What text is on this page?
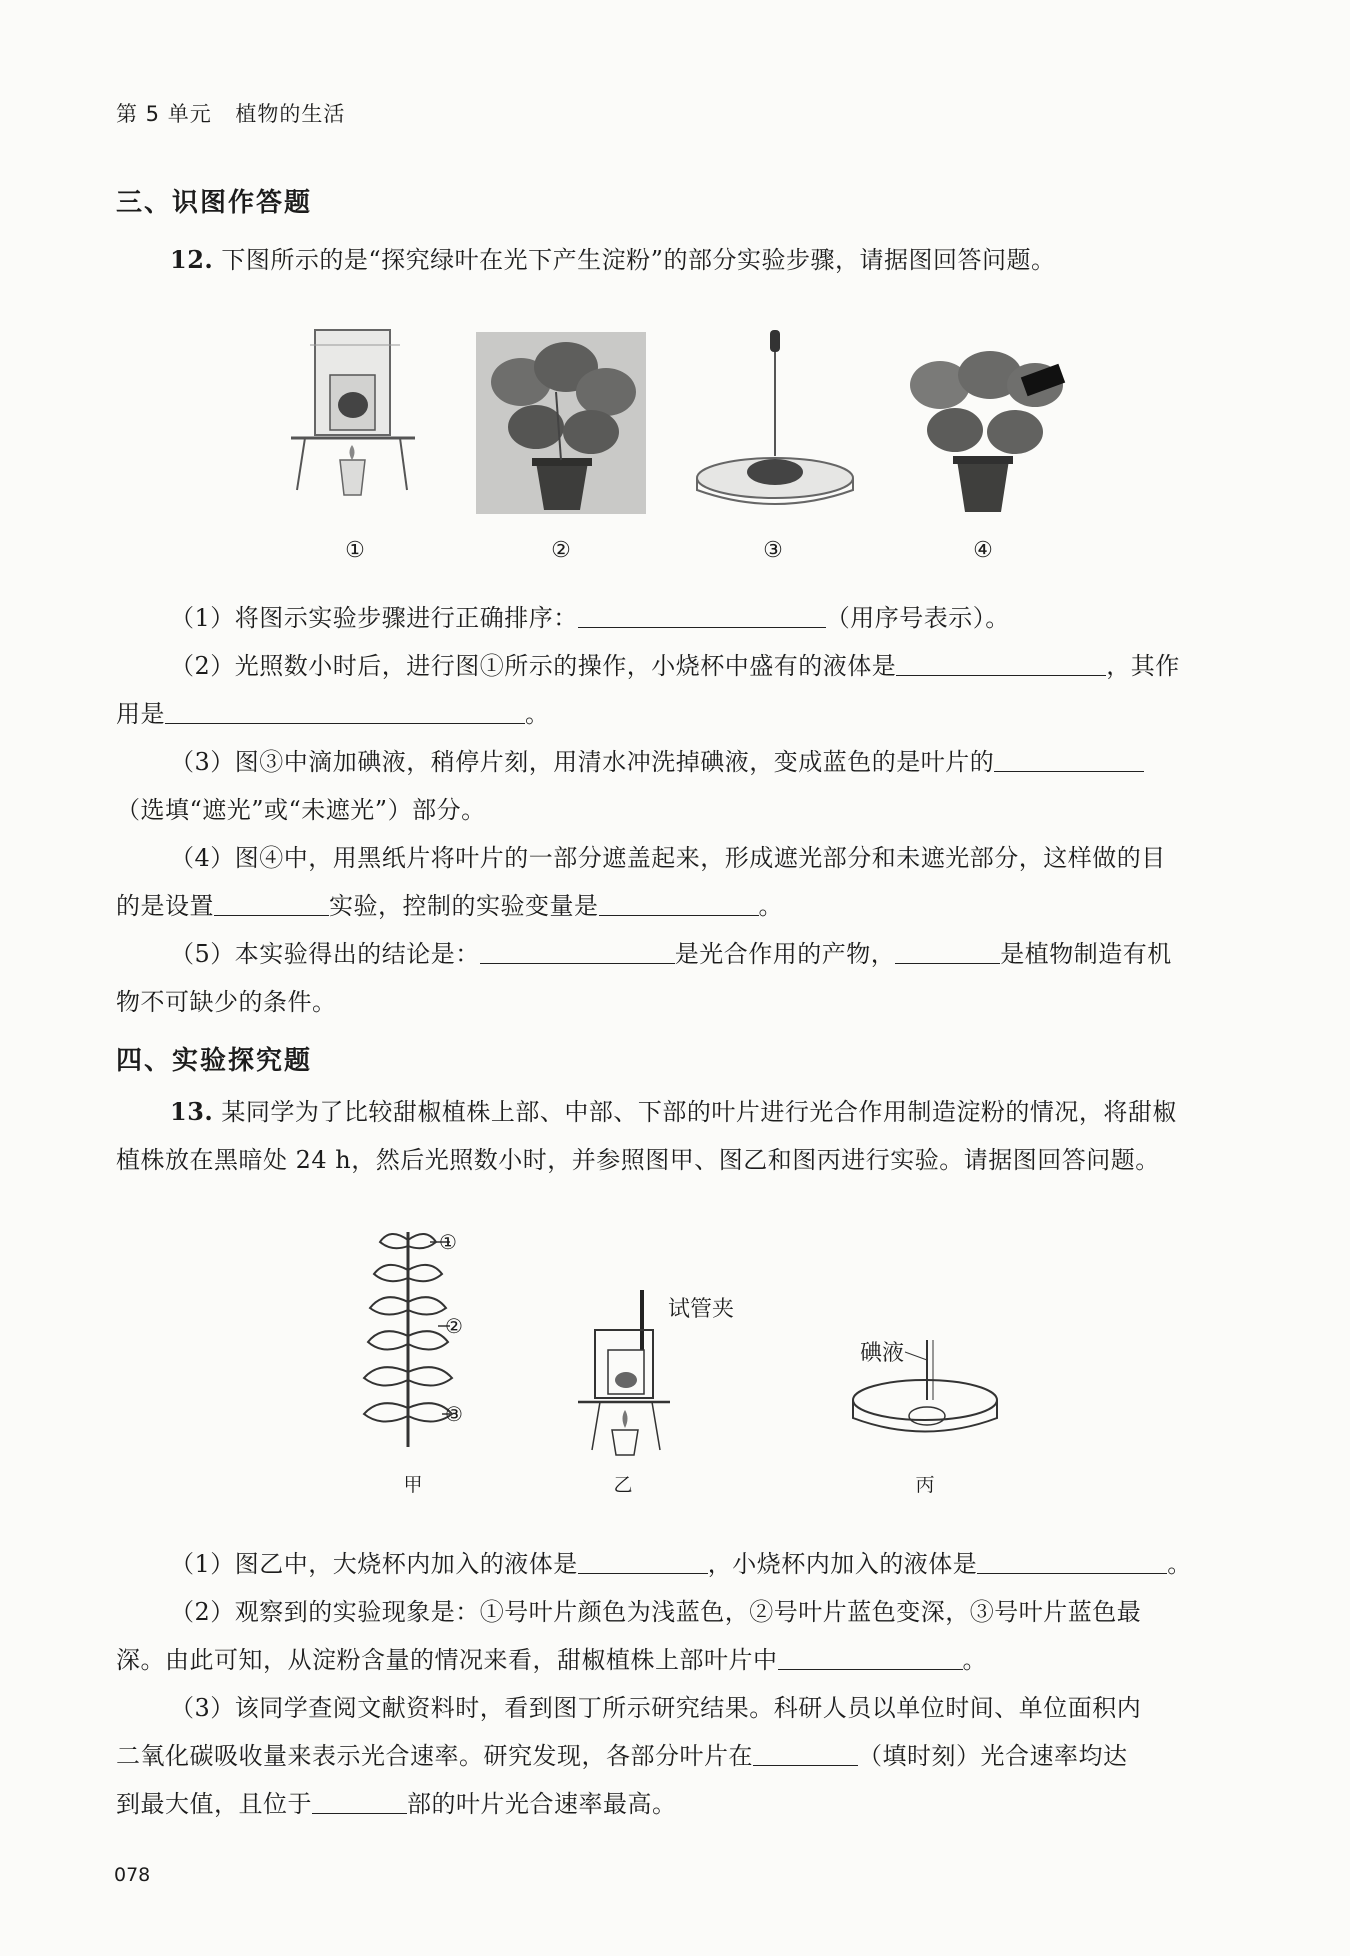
第 5 单元 植物的生活
三、识图作答题
12. 下图所示的是“探究绿叶在光下产生淀粉”的部分实验步骤，请据图回答问题。
①	②	③	④
（1）将图示实验步骤进行正确排序：	（用序号表示）。
（2）光照数小时后，进行图①所示的操作，小烧杯中盛有的液体是	，其作
用是	。
（3）图③中滴加碘液，稍停片刻，用清水冲洗掉碘液，变成蓝色的是叶片的
（选填“遮光”或“未遮光”）部分。
（4）图④中，用黑纸片将叶片的一部分遮盖起来，形成遮光部分和未遮光部分，这样做的目
的是设置	实验，控制的实验变量是	。
（5）本实验得出的结论是：	是光合作用的产物，	是植物制造有机
物不可缺少的条件。
四、实验探究题
13. 某同学为了比较甜椒植株上部、中部、下部的叶片进行光合作用制造淀粉的情况，将甜椒
植株放在黑暗处 24 h，然后光照数小时，并参照图甲、图乙和图丙进行实验。请据图回答问题。
①
②
③
试管夹
碘液
甲	乙	丙
（1）图乙中，大烧杯内加入的液体是	，小烧杯内加入的液体是	。
（2）观察到的实验现象是：①号叶片颜色为浅蓝色，②号叶片蓝色变深，③号叶片蓝色最
深。由此可知，从淀粉含量的情况来看，甜椒植株上部叶片中	。
（3）该同学查阅文献资料时，看到图丁所示研究结果。科研人员以单位时间、单位面积内
二氧化碳吸收量来表示光合速率。研究发现，各部分叶片在	（填时刻）光合速率均达
到最大值，且位于	部的叶片光合速率最高。
078
